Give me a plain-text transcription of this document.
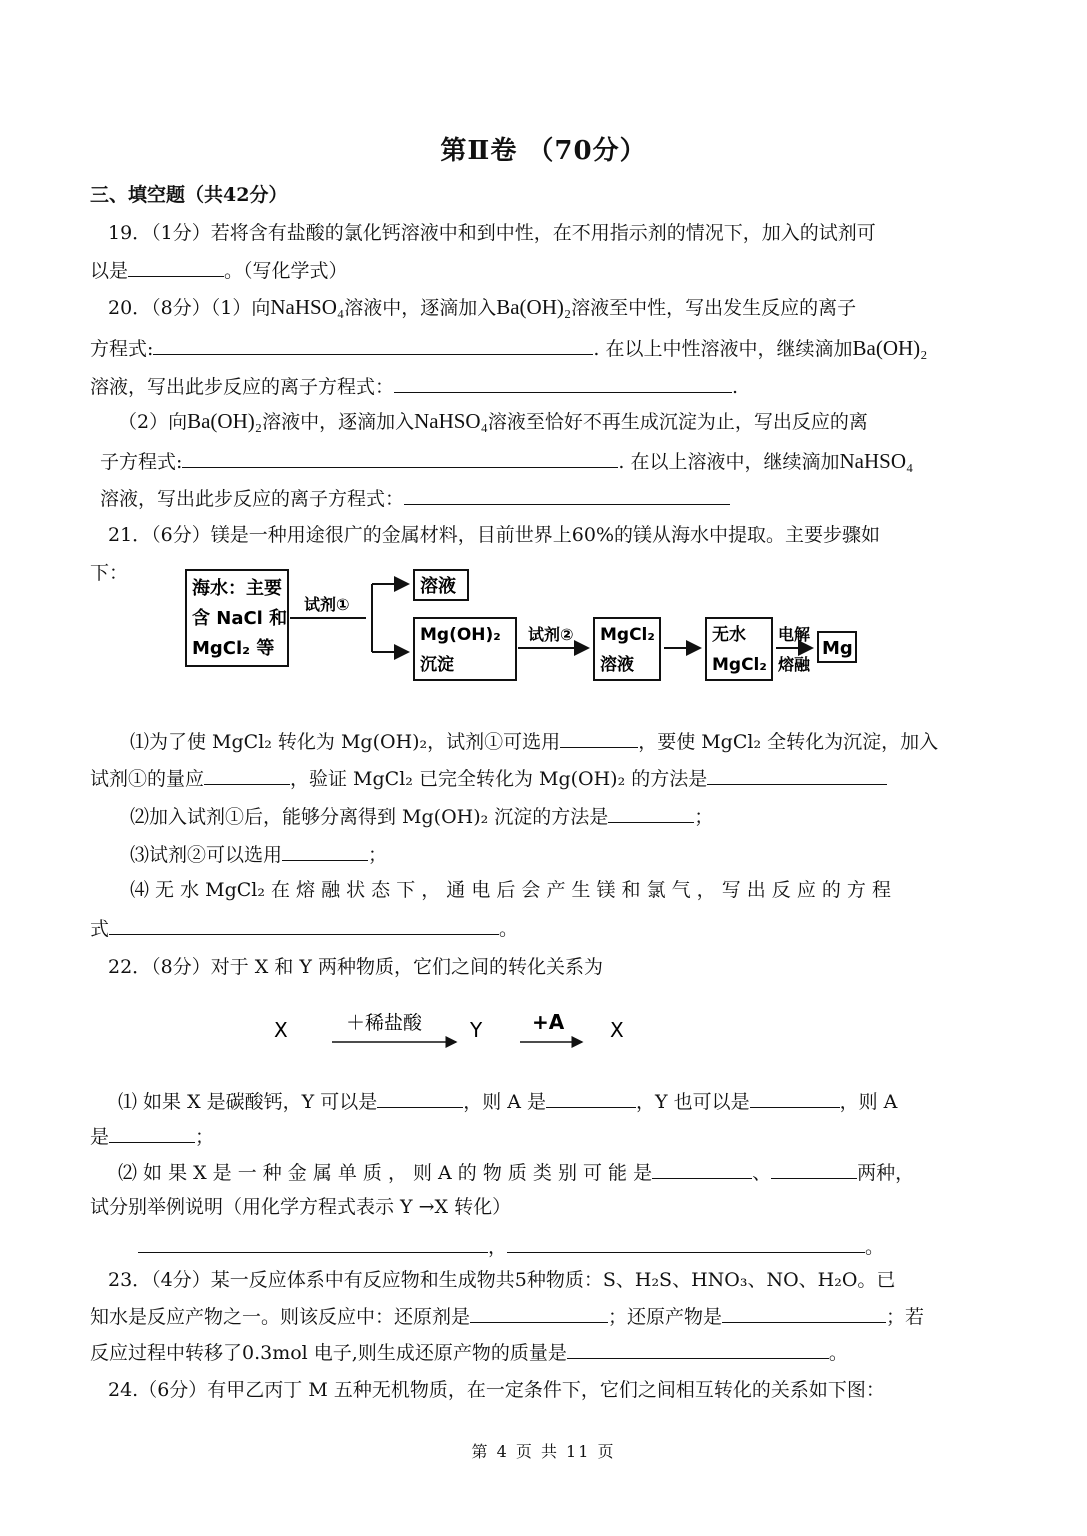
第Ⅱ卷 （70分）
三、填空题（共42分）
19．（1分）若将含有盐酸的氯化钙溶液中和到中性，在不用指示剂的情况下，加入的试剂可
以是	。（写化学式）
20．（8分）（1）向NaHSO₄溶液中，逐滴加入Ba(OH)₂溶液至中性，写出发生反应的离子
方程式:	. 在以上中性溶液中，继续滴加Ba(OH)₂
溶液，写出此步反应的离子方程式：	.
（2）向Ba(OH)₂溶液中，逐滴加入NaHSO₄溶液至恰好不再生成沉淀为止，写出反应的离
子方程式:	. 在以上溶液中，继续滴加NaHSO₄
溶液，写出此步反应的离子方程式：
21．（6分）镁是一种用途很广的金属材料，目前世界上60%的镁从海水中提取。主要步骤如
下：
海水：主要
含 NaCl 和
MgCl₂ 等
试剂①
溶液
Mg(OH)₂
沉淀
试剂② MgCl₂
溶液
无水
MgCl₂
电解
熔融
Mg
⑴为了使 MgCl₂ 转化为 Mg(OH)₂，试剂①可选用	，要使 MgCl₂ 全转化为沉淀，加入
试剂①的量应	，验证 MgCl₂ 已完全转化为 Mg(OH)₂ 的方法是
⑵加入试剂①后，能够分离得到 Mg(OH)₂ 沉淀的方法是	；
⑶试剂②可以选用	；
⑷ 无 水 MgCl₂ 在 熔 融 状 态 下 ， 通 电 后 会 产 生 镁 和 氯 气 ， 写 出 反 应 的 方 程
式	。
22．（8分）对于 X 和 Y 两种物质，它们之间的转化关系为
X	＋稀盐酸 Y +A X
⑴ 如果 X 是碳酸钙，Y 可以是	，则 A 是	，Y 也可以是	，则 A
是	；
⑵ 如 果 X 是 一 种 金 属 单 质 ， 则 A 的 物 质 类 别 可 能 是	、	两种，
试分别举例说明（用化学方程式表示 Y →X 转化）
，	。
23．（4分）某一反应体系中有反应物和生成物共5种物质：S、H₂S、HNO₃、NO、H₂O。已
知水是反应产物之一。则该反应中：还原剂是	；还原产物是	；若
反应过程中转移了0.3mol 电子,则生成还原产物的质量是	。
24.（6分）有甲乙丙丁 M 五种无机物质，在一定条件下，它们之间相互转化的关系如下图：
第 4 页 共 11 页
